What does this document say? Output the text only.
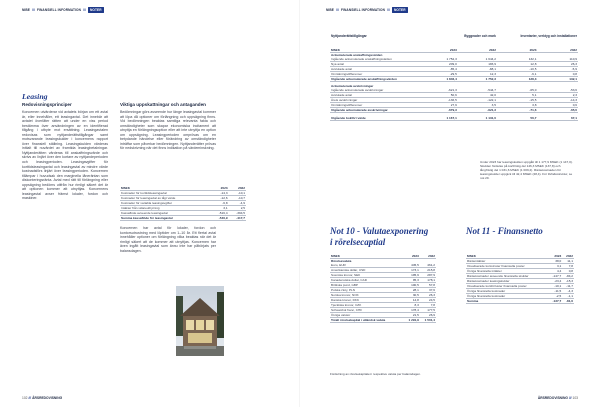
NIBE /// FINANSIELL INFORMATION ///	NOTER
Leasing
Redovisningsprinciper
Koncernen utvärderar vid avtalets början om ett avtal är, eller innehåller, ett leasingavtal. Det innebär att avtalet överlåter rätten att under en viss period bestämma över användningen av en identifierad tillgång i utbyte mot ersättning. Leasingavtalen redovisas som nyttjanderättstillgångar samt motsvarande leasingskulder i koncernens rapport över finansiell ställning. Leasingskulden värderas initialt till nuvärdet av framtida leasingbetalningar. Nyttjanderätten värderas till anskaffningsvärde och skrivs av linjärt över den kortare av nyttjandeperioden och leasingperioden. Leasingavgifter för korttidsleasingavtal och leasingavtal av mindre värde kostnadsförs linjärt över leasingperioden. Koncernen tillämpar i huvudsak den marginella låneräntan som diskonteringsränta. Avtal med rätt till förlängning eller uppsägning bedöms utifrån hur rimligt säkert det är att optionen kommer att utnyttjas. Koncernens leasingavtal avser främst lokaler, fordon och maskiner.
Viktiga uppskattningar och antaganden
Bedömningar görs avseende hur länge leasingavtal kommer att löpa då optioner om förlängning och uppsägning finns. Vid bedömningen beaktas samtliga relevanta fakta och omständigheter som skapar ekonomiska incitament att utnyttja en förlängningsoption eller att inte utnyttja en option om uppsägning. Leasingperioden omprövas om en betydande händelse eller förändring av omständigheter inträffar som påverkar bedömningen. Nyttjanderätter prövas för nedskrivning när det finns indikation på värdeminskning.
MSEK	2023	2022
Kostnader för korttidsleasingavtal	-14,3	-10,1
Kostnader för leasingavtal av lågt värde	-12,6	-10,7
Kostnader för variabla leasingavgifter	-6,8	-4,9
Intäkter från vidareuthyrning	3,1	2,5
Kassaflöde avseende leasingavtal	-516,4	-394,5
Summa kassaflöde för leasingavtal	-546,9	-417,7
Koncernen har avtal för lokaler, fordon och kontorsutrustning med löptider om 1–10 år. Ett flertal avtal innehåller optioner om förlängning vilka beaktas när det är rimligt säkert att de kommer att utnyttjas. Koncernen har även ingått leasingavtal som ännu inte har påbörjats per balansdagen.
102 /// ÅRSREDOVISNING
NIBE /// FINANSIELL INFORMATION ///	NOTER
Nyttjanderättstillgångar	Byggnader och mark		Inventarier, verktyg och installationer	
MSEK	2023	2022	2023	2022
Ackumulerade anskaffningsvärden				
Ingående ackumulerade anskaffningsvärden	1 752,3	1 644,2	132,1	110,9
Nya avtal	209,0	183,9	12,8	26,3
Avslutade avtal	-85,4	-88,1	-10,5	-5,9
Omräkningsdifferenser	-29,5	12,3	-6,1	0,8
Utgående ackumulerade anskaffningsvärden	1 846,4	1 752,3	128,3	132,1
Ackumulerade avskrivningar				
Ingående ackumulerade avskrivningar	-621,3	-544,7	-65,0	-53,6
Avslutade avtal	50,6	42,0	5,1	2,3
Årets avskrivningar	-136,5	-122,1	-15,5	-14,3
Omräkningsdifferenser	27,9	3,5	3,8	0,6
Utgående ackumulerade avskrivningar	-679,3	-621,3	-71,6	-65,0
Utgående bokfört värde	1 167,1	1 131,0	56,7	67,1
Under 2023 har leasingskulden uppgått till 1 177,9 MSEK (1 147,0). Skulden fördelas på kortfristig del 146,3 MSEK (137,8) och långfristig del 1 031,6 MSEK (1 009,2). Räntekostnaden för leasingskulder uppgick till 42,4 MSEK (28,4). För förfallostruktur, se not 29.
Not 10 - Valutaexponering i rörelsecaptial
MSEK	2023	2022
Rörelsevaluta		
Euro, EUR	445,5	461,2
Amerikanska dollar, USD	173,1	215,8
Svenska kronor, SEK	195,9	287,9
Kanadensiska dollar, CAD	95,3	178,1
Brittiska pund, GBP	100,5	57,8
Polska zloty, PLN	28,1	37,6
Norska kronor, NOK	30,5	26,3
Danska kronor, DKK	14,8	24,5
Tjeckiska kronor, CZK	8,3	7,8
Schweizisk franc, CHF	178,4	177,5
Övriga valutor	21,5	26,9
Totalt rörelsekapital i utländsk valuta	1 291,9	1 501,4
Fördelning av rörelsekapitalet i respektive valuta per balansdagen.
Not 11 - Finansnetto
MSEK	2023	2022
Ränteintäkter	38,0	11,1
Orealiserade kursvinster finansiella poster	3,1	7,8
Övriga finansiella intäkter	4,4	0,8
Räntekostnader avseende finansiella skulder	-147,7	-84,2
Räntekostnader leasingskulder	-23,4	-15,3
Orealiserade kursförluster finansiella poster	-10,1	-11,7
Övriga finansiella kostnader	-11,5	-4,3
Övriga finansiella kostnader	-2,5	-1,1
Summa	-137,7	-81,6
ÅRSREDOVISNING /// 103
